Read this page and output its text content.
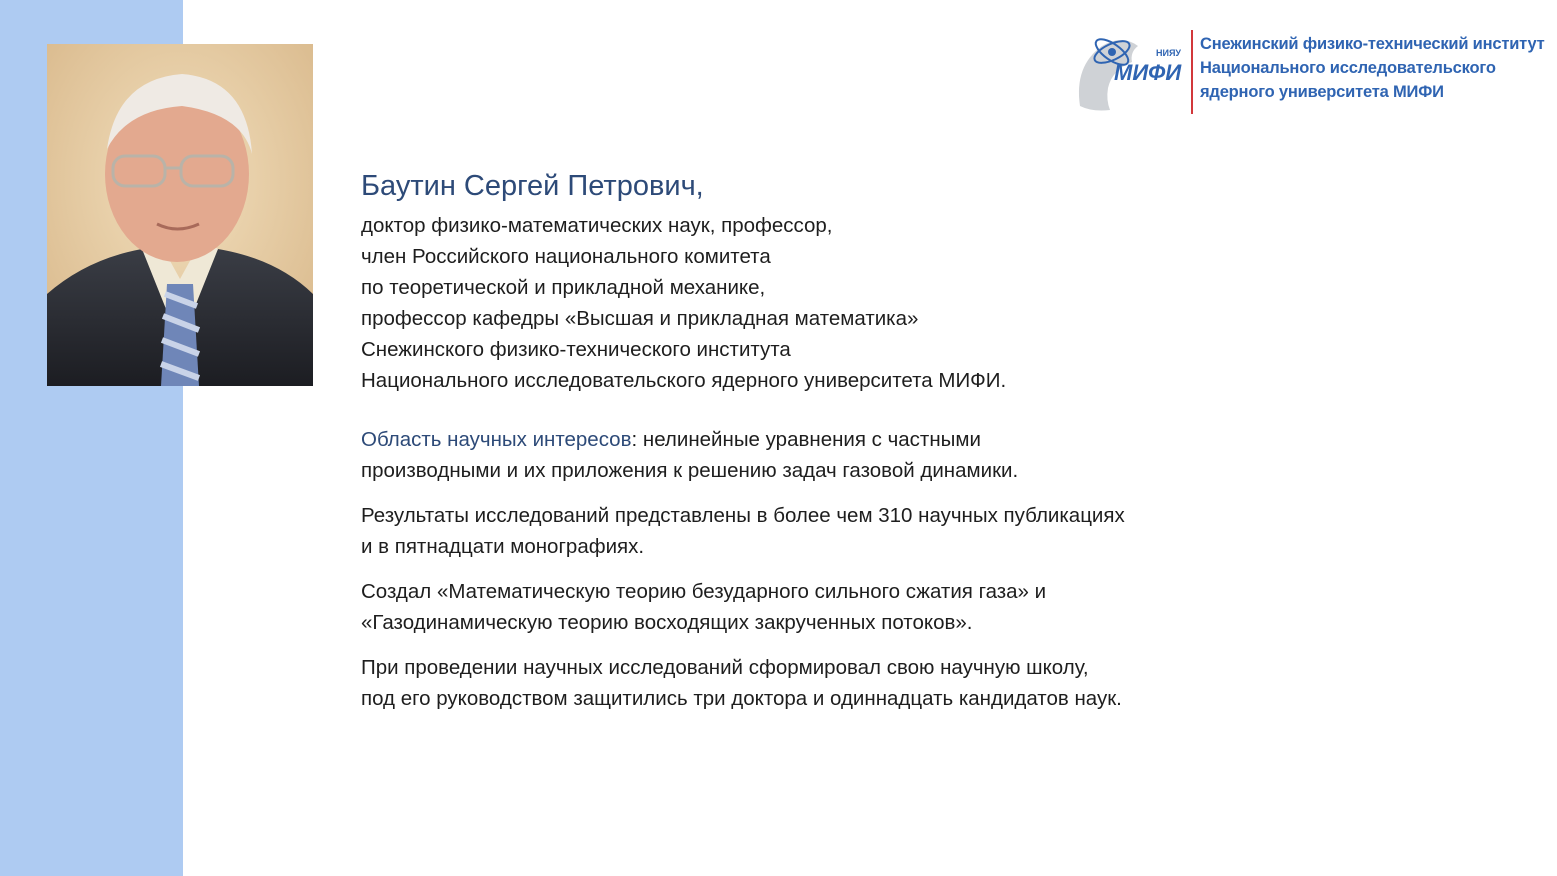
НИЯУ
МИФИ
Снежинский физико-технический институт
Национального исследовательского
ядерного университета МИФИ
Баутин Сергей Петрович,
доктор физико-математических наук, профессор,
член Российского национального комитета
по теоретической и прикладной механике,
профессор кафедры «Высшая и прикладная математика»
Снежинского физико-технического института
Национального исследовательского ядерного университета МИФИ.
Область научных интересов: нелинейные уравнения с частными
производными и их приложения к решению задач газовой динамики.
Результаты исследований представлены в более чем 310 научных публикациях
и в пятнадцати монографиях.
Создал «Математическую теорию безударного сильного сжатия газа» и
«Газодинамическую теорию восходящих закрученных потоков».
При проведении научных исследований сформировал свою научную школу,
под его руководством защитились три доктора и одиннадцать кандидатов наук.
